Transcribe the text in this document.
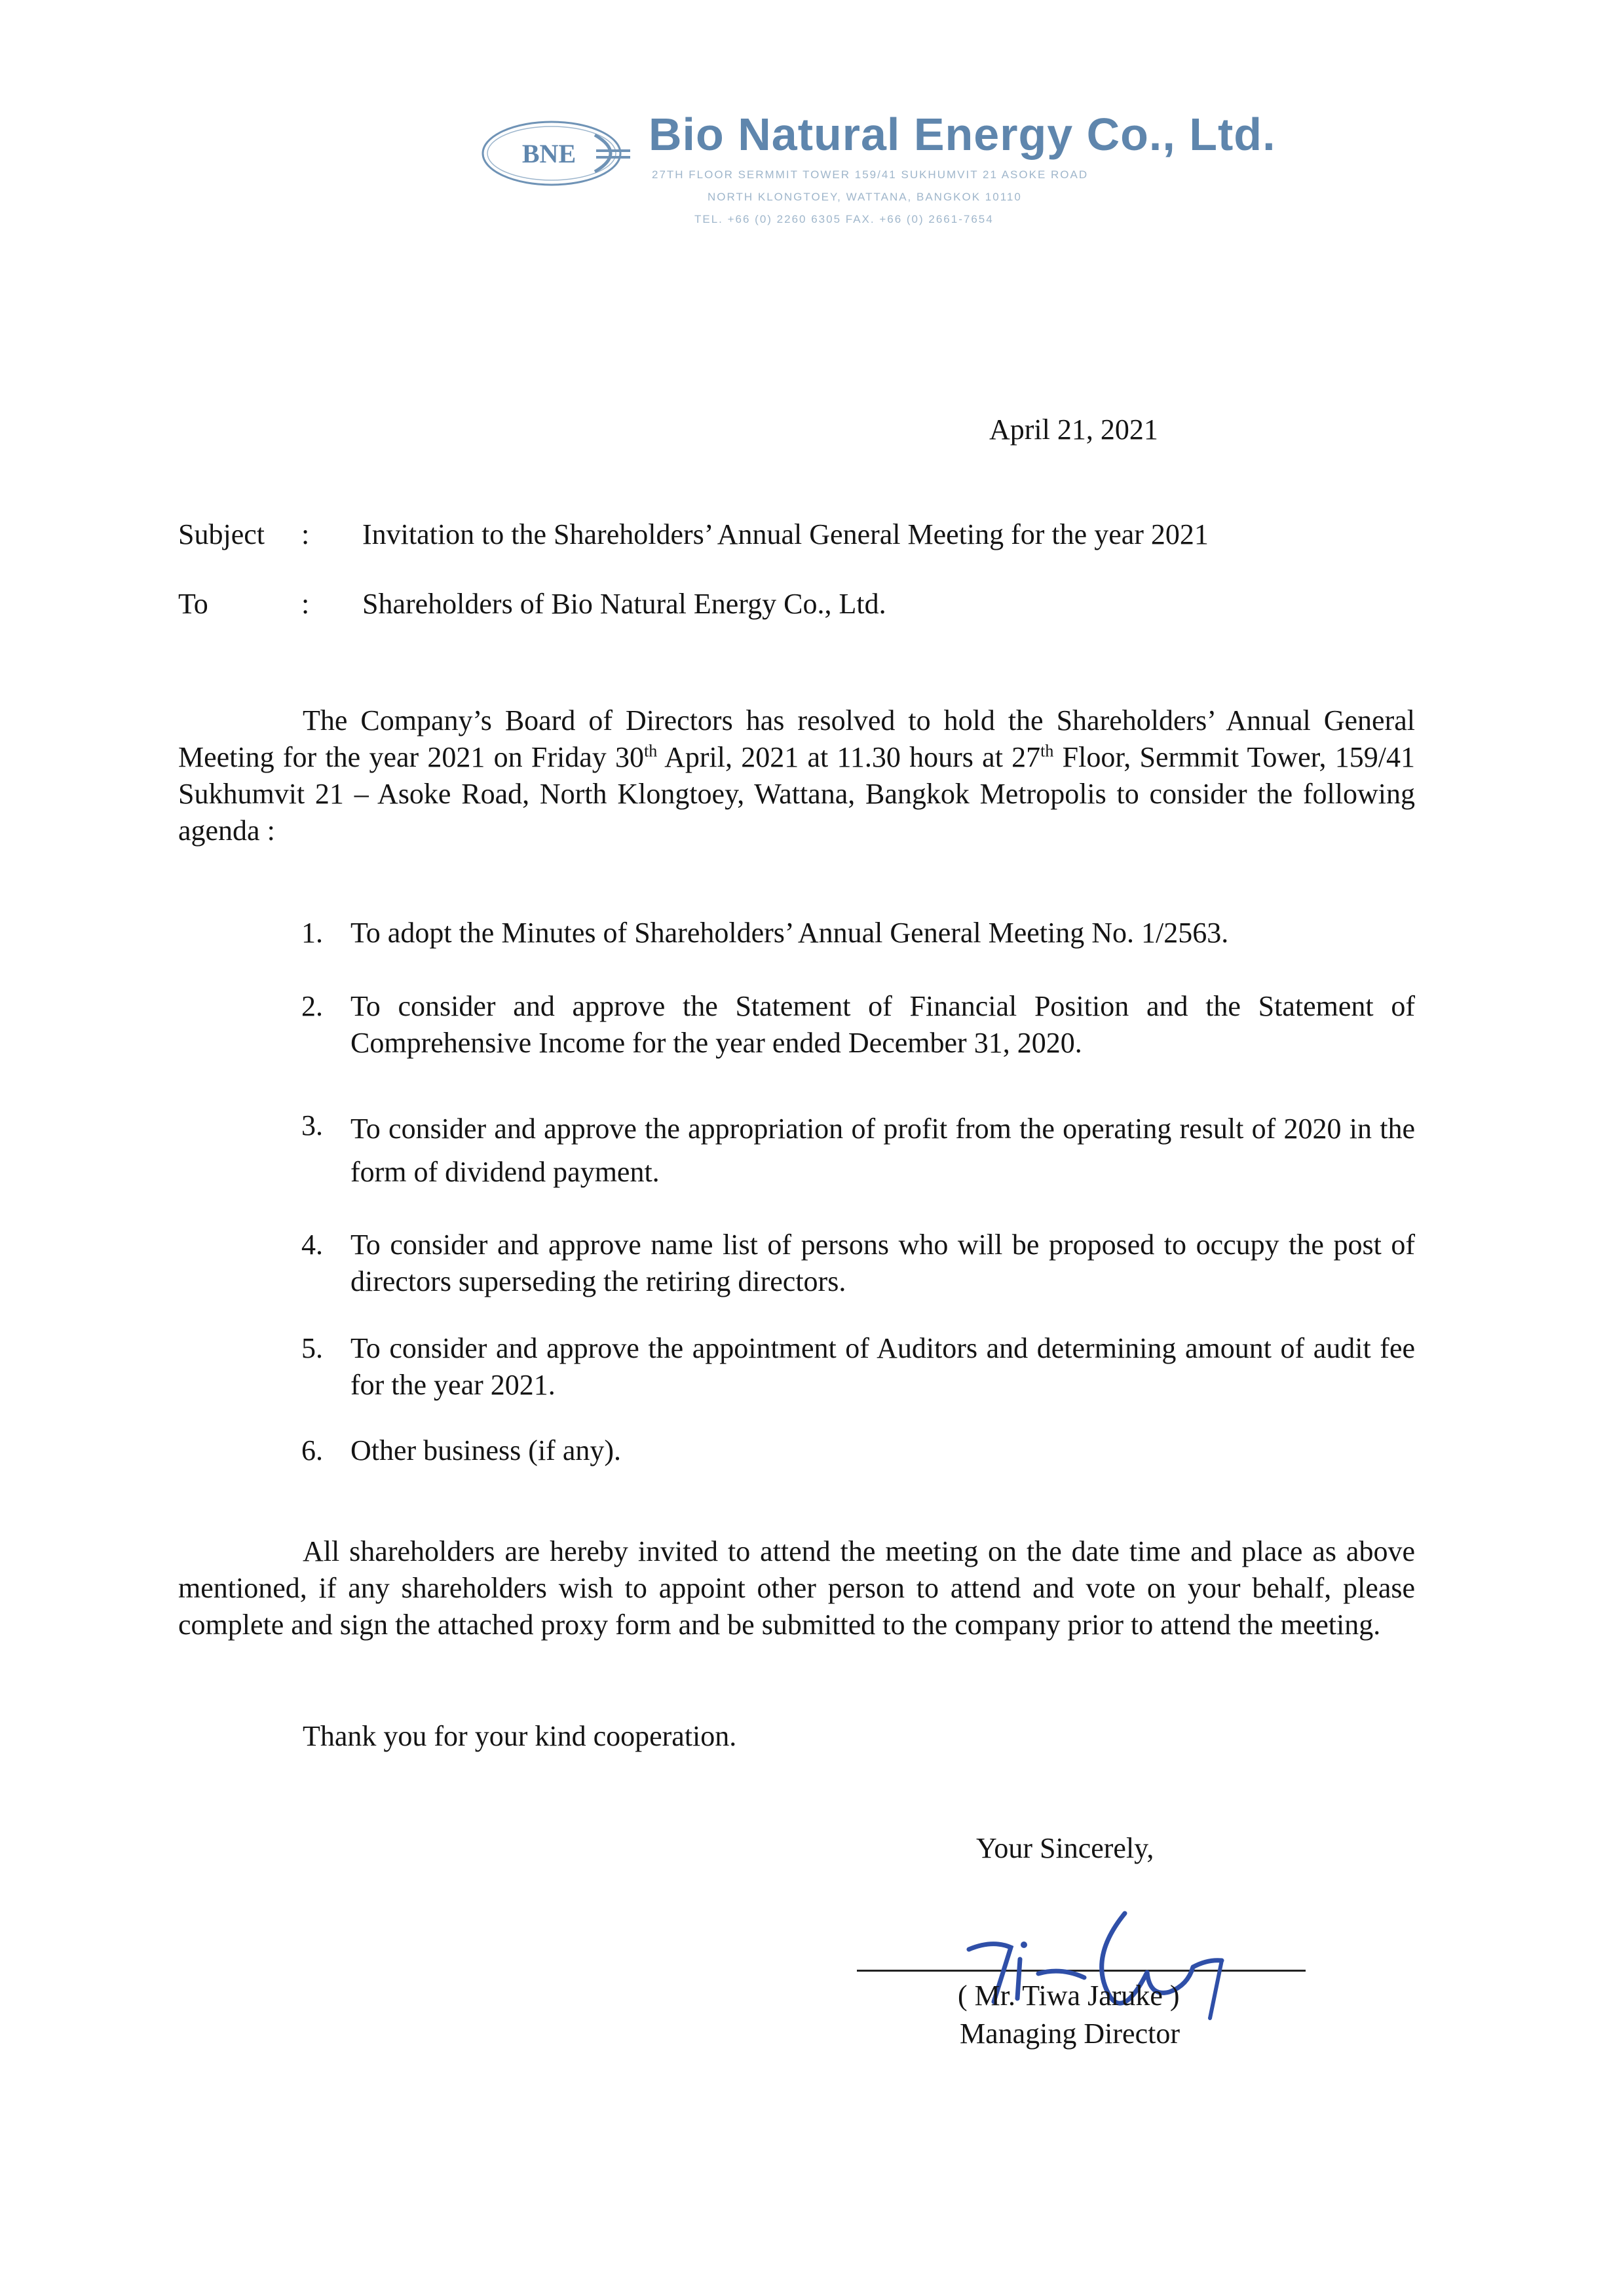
BNE Bio Natural Energy Co., Ltd.
27TH FLOOR SERMMIT TOWER 159/41 SUKHUMVIT 21 ASOKE ROAD
NORTH KLONGTOEY, WATTANA, BANGKOK 10110
TEL. +66 (0) 2260 6305 FAX. +66 (0) 2661-7654
April 21, 2021
Subject : Invitation to the Shareholders’ Annual General Meeting for the year 2021
To	: Shareholders of Bio Natural Energy Co., Ltd.

The Company’s Board of Directors has resolved to hold the Shareholders’ Annual General Meeting for the year 2021 on Friday 30th April, 2021 at 11.30 hours at 27th Floor, Sermmit Tower, 159/41 Sukhumvit 21 – Asoke Road, North Klongtoey, Wattana, Bangkok Metropolis to consider the following agenda :

1. To adopt the Minutes of Shareholders’ Annual General Meeting No. 1/2563.
2. To consider and approve the Statement of Financial Position and the Statement of Comprehensive Income for the year ended December 31, 2020.
3. To consider and approve the appropriation of profit from the operating result of 2020 in the form of dividend payment.
4. To consider and approve name list of persons who will be proposed to occupy the post of directors superseding the retiring directors.
5. To consider and approve the appointment of Auditors and determining amount of audit fee for the year 2021.
6. Other business (if any).

All shareholders are hereby invited to attend the meeting on the date time and place as above mentioned, if any shareholders wish to appoint other person to attend and vote on your behalf, please complete and sign the attached proxy form and be submitted to the company prior to attend the meeting.

Thank you for your kind cooperation.
Your Sincerely,
( Mr. Tiwa Jaruke )
Managing Director
